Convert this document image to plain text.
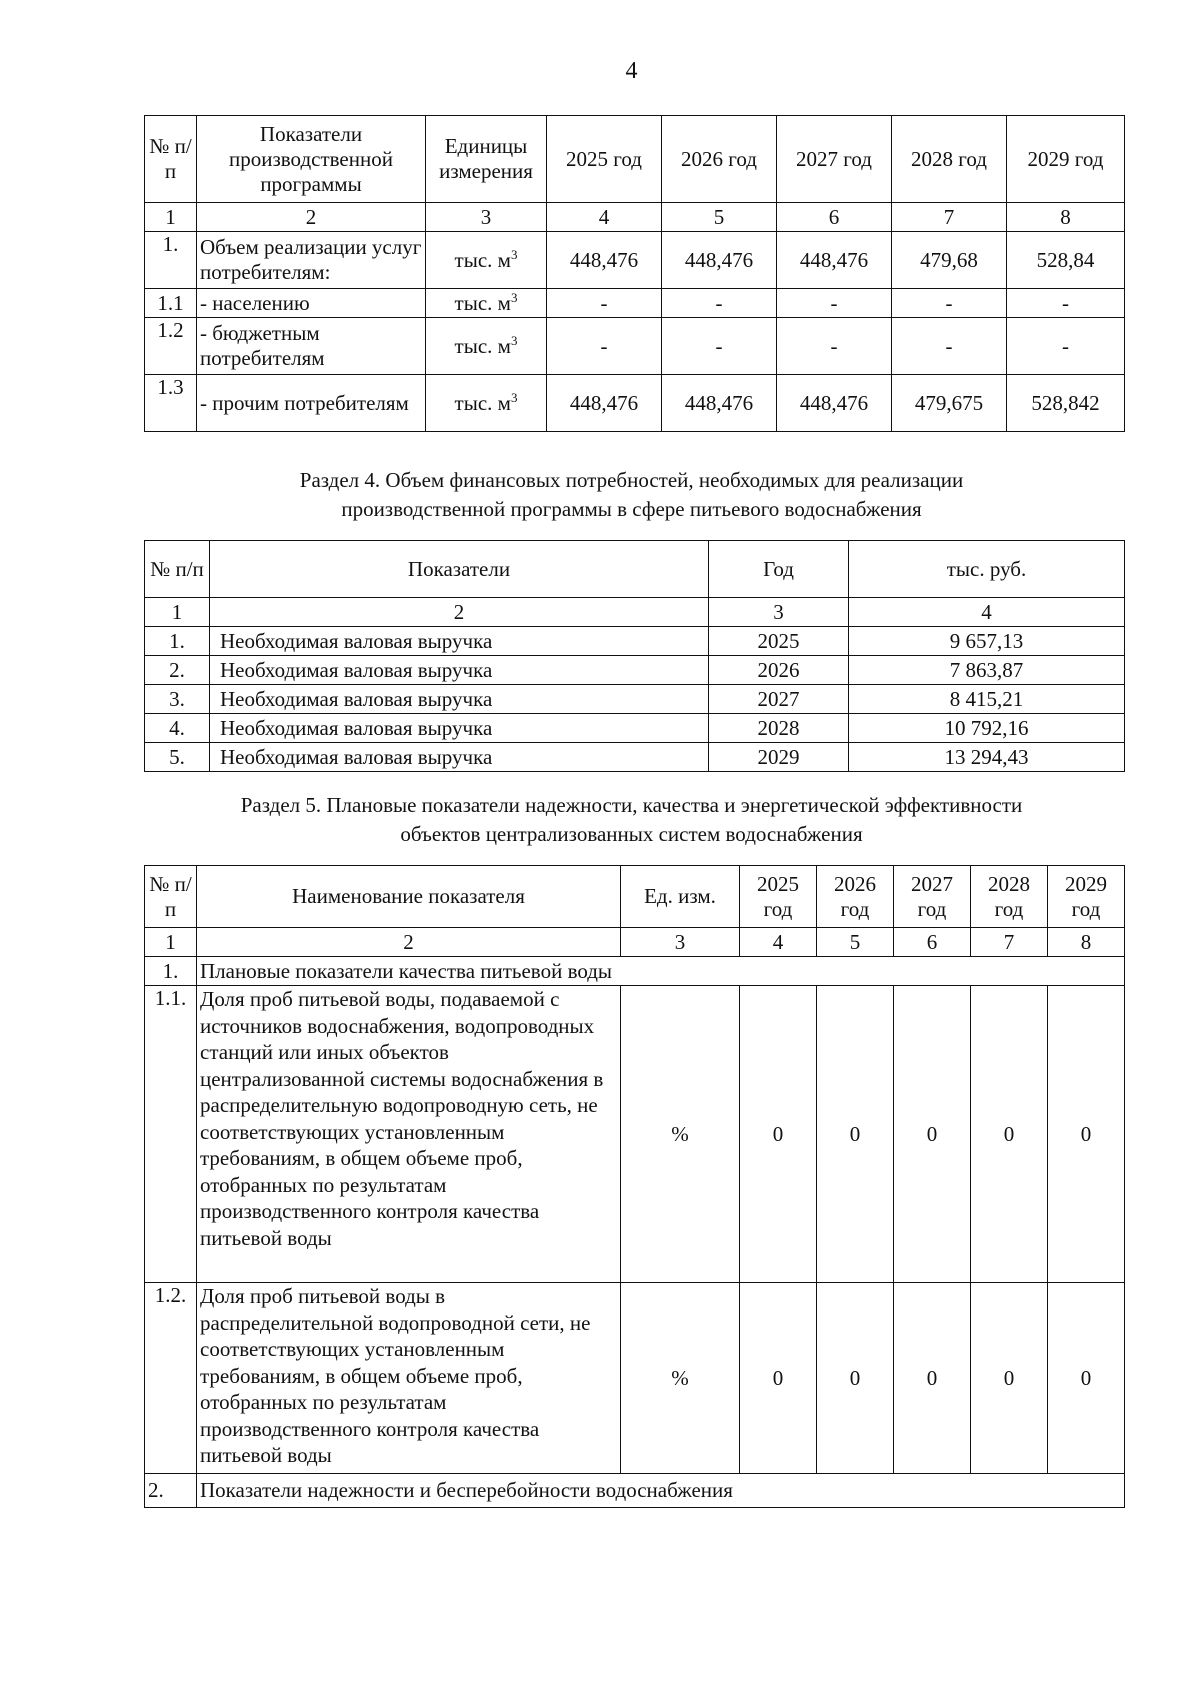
4
№ п/п	Показатели производственной программы	Единицы измерения	2025 год	2026 год	2027 год	2028 год	2029 год
1	2	3	4	5	6	7	8
1.	Объем реализации услуг потребителям:	тыс. $м^3$	448,476	448,476	448,476	479,68	528,84
1.1	- населению	тыс. $м^3$	-	-	-	-	-
1.2	- бюджетным потребителям	тыс. $м^3$	-	-	-	-	-
1.3	- прочим потребителям	тыс. $м^3$	448,476	448,476	448,476	479,675	528,842
Раздел 4. Объем финансовых потребностей, необходимых для реализации
производственной программы в сфере питьевого водоснабжения
№ п/п	Показатели	Год	тыс. руб.
1	2	3	4
1.	Необходимая валовая выручка	2025	9 657,13
2.	Необходимая валовая выручка	2026	7 863,87
3.	Необходимая валовая выручка	2027	8 415,21
4.	Необходимая валовая выручка	2028	10 792,16
5.	Необходимая валовая выручка	2029	13 294,43
Раздел 5. Плановые показатели надежности, качества и энергетической эффективности
объектов централизованных систем водоснабжения
№ п/п	Наименование показателя	Ед. изм.	2025 год	2026 год	2027 год	2028 год	2029 год
1	2	3	4	5	6	7	8
1.	Плановые показатели качества питьевой воды						
1.1.	Доля проб питьевой воды, подаваемой с источников водоснабжения, водопроводных станций или иных объектов централизованной системы водоснабжения в распределительную водопроводную сеть, не соответствующих установленным требованиям, в общем объеме проб, отобранных по результатам производственного контроля качества питьевой воды	%	0	0	0	0	0
1.2.	Доля проб питьевой воды в распределительной водопроводной сети, не соответствующих установленным требованиям, в общем объеме проб, отобранных по результатам производственного контроля качества питьевой воды	%	0	0	0	0	0
2.	Показатели надежности и бесперебойности водоснабжения						
